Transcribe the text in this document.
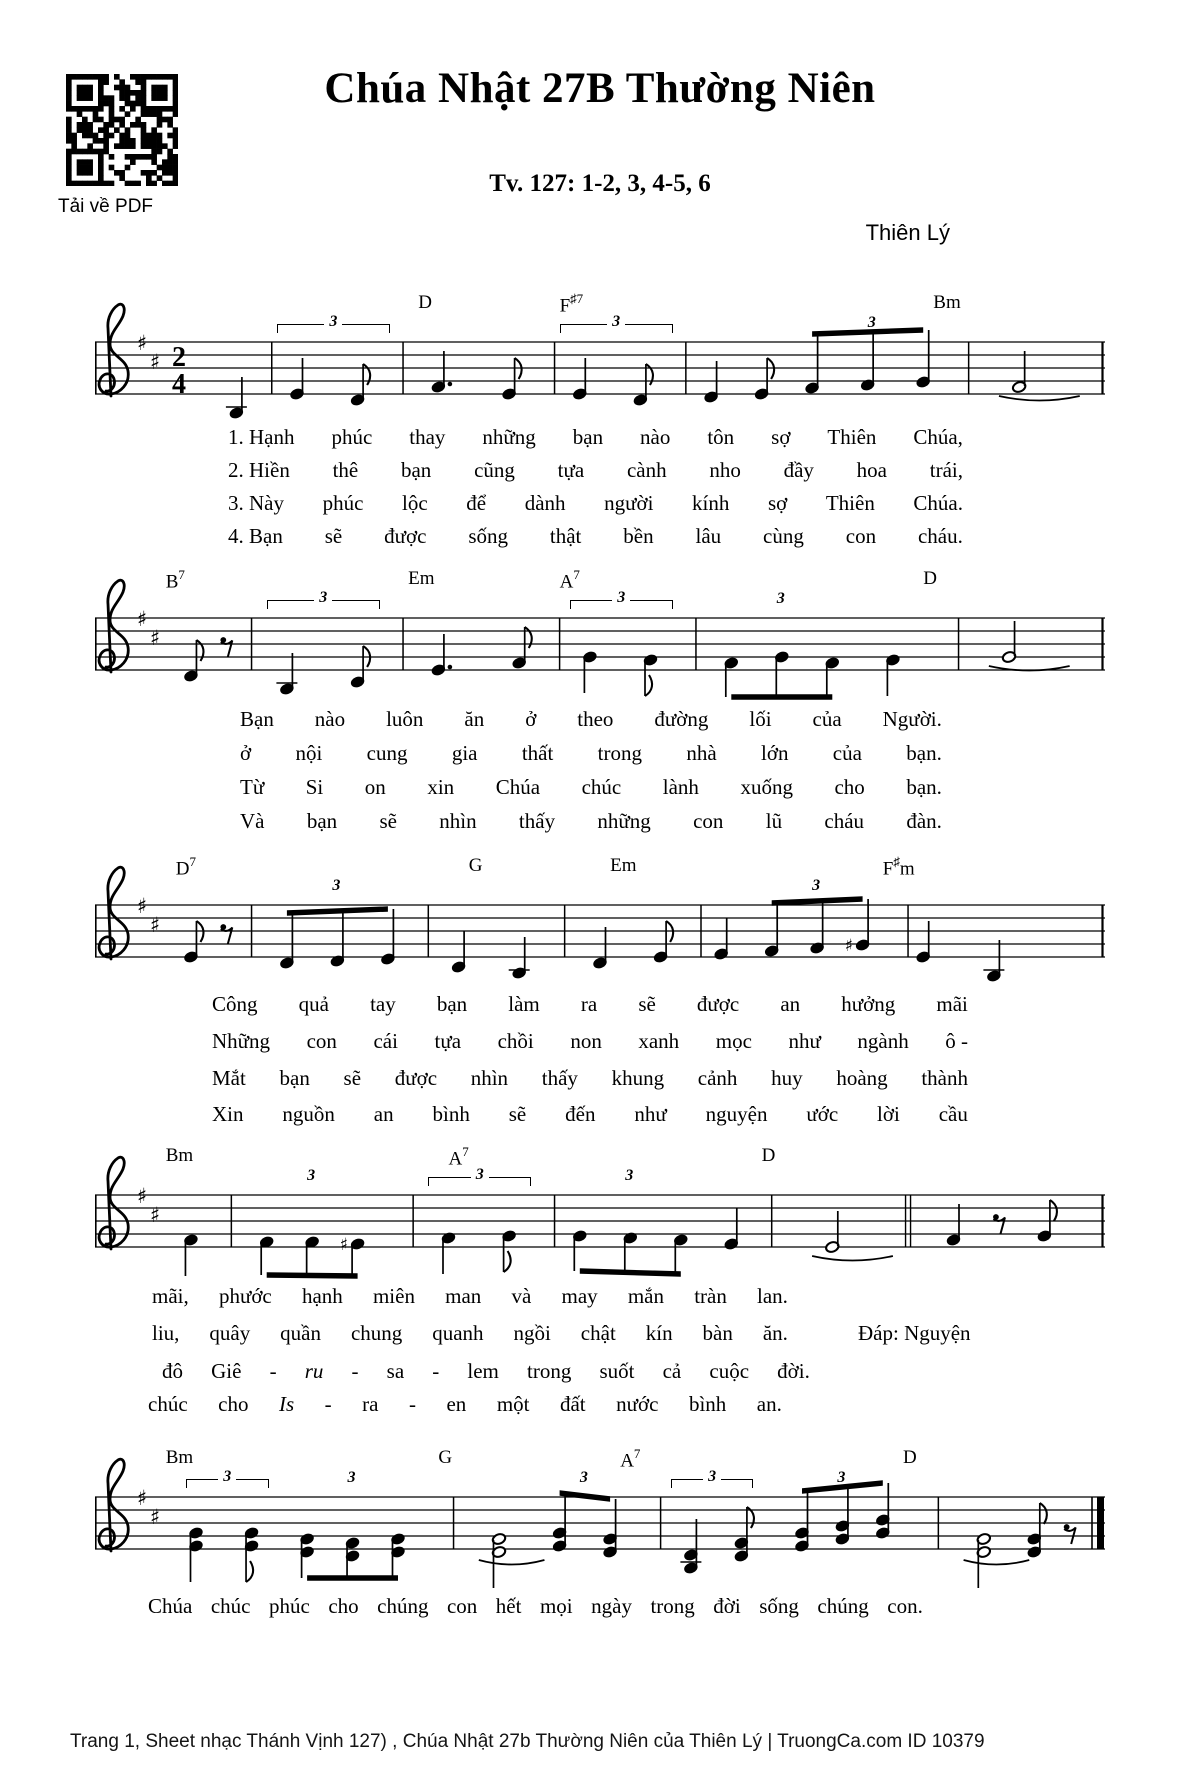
Tải về PDF
Chúa Nhật 27B Thường Niên
Tv. 127: 1-2, 3, 4-5, 6
Thiên Lý
D	$F^{♯7}$	Bm
3	3	3
♯
♯ 2
4
$B^7$	Em	$A^7$	D
3	3	3
♯
♯
$D^7$	G	Em	F♯m
3	3
♯
♯
♯
Bm	$A^7$	D
3	3	3
♯
♯
♯
Bm	G	$A^7$	D
3	3	3	3	3
♯
♯
1. Hạnh phúc thay những bạn nào tôn sợ Thiên Chúa,
2. Hiền thê bạn cũng tựa cành nho đầy hoa trái,
3. Này phúc lộc để dành người kính sợ Thiên Chúa.
4. Bạn sẽ được sống thật bền lâu cùng con cháu.
Bạn nào luôn ăn ở theo đường lối của Người.
ở nội cung gia thất trong nhà lớn của bạn.
Từ Si on xin Chúa chúc lành xuống cho bạn.
Và bạn sẽ nhìn thấy những con lũ cháu đàn.
Công quả tay bạn làm ra sẽ được an hưởng mãi
Những con cái tựa chồi non xanh mọc như ngành ô -
Mắt bạn sẽ được nhìn thấy khung cảnh huy hoàng thành
Xin nguồn an bình sẽ đến như nguyện ước lời cầu
mãi, phước hạnh miên man và may mắn tràn lan.
liu, quây quần chung quanh ngồi chật kín bàn ăn.	Đáp: Nguyện
đô Giê - ru - sa - lem trong suốt cả cuộc đời.
chúc cho Is - ra - en một đất nước bình an.
Chúa chúc phúc cho chúng con hết mọi ngày trong đời sống chúng con.
Trang 1, Sheet nhạc Thánh Vịnh 127) , Chúa Nhật 27b Thường Niên của Thiên Lý | TruongCa.com ID 10379
